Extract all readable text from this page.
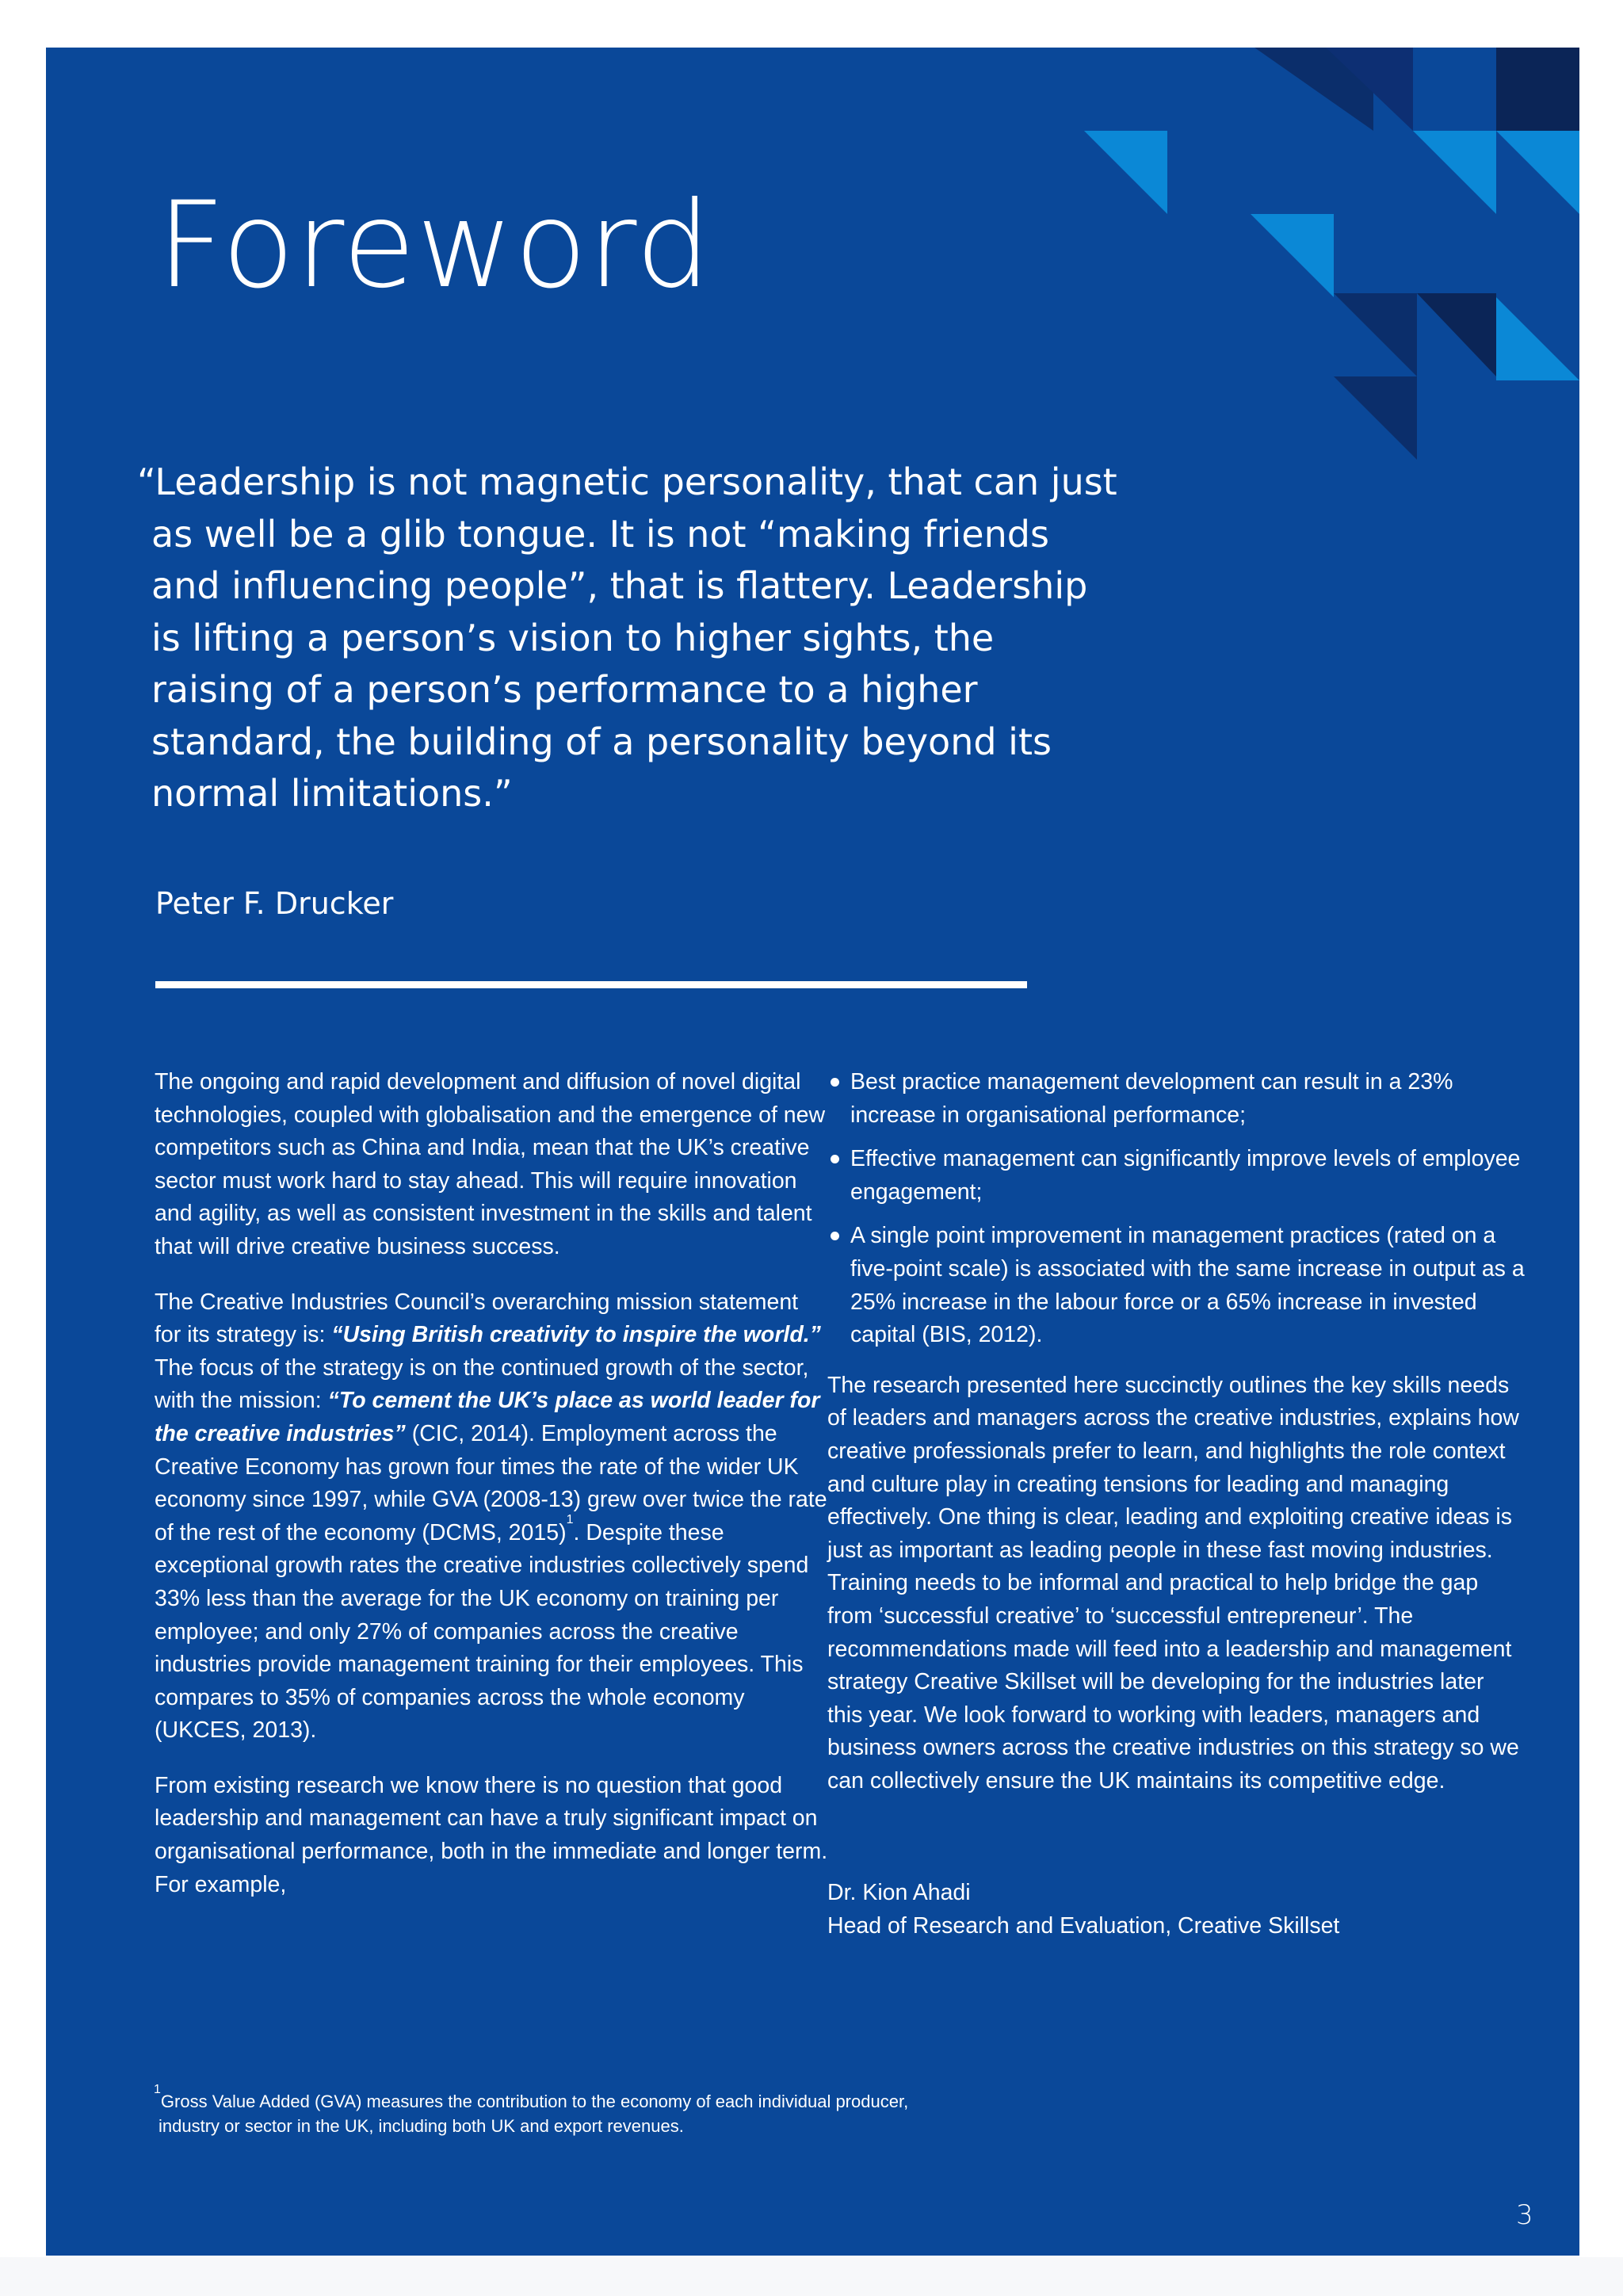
Foreword

“Leadership is not magnetic personality, that can just as well be a glib tongue. It is not “making friends and influencing people”, that is flattery. Leadership is lifting a person’s vision to higher sights, the raising of a person’s performance to a higher standard, the building of a personality beyond its normal limitations.”

Peter F. Drucker

The ongoing and rapid development and diffusion of novel digital technologies, coupled with globalisation and the emergence of new competitors such as China and India, mean that the UK’s creative sector must work hard to stay ahead. This will require innovation and agility, as well as consistent investment in the skills and talent that will drive creative business success.

The Creative Industries Council’s overarching mission statement for its strategy is: “Using British creativity to inspire the world.” The focus of the strategy is on the continued growth of the sector, with the mission: “To cement the UK’s place as world leader for the creative industries” (CIC, 2014). Employment across the Creative Economy has grown four times the rate of the wider UK economy since 1997, while GVA (2008-13) grew over twice the rate of the rest of the economy (DCMS, 2015)$^1$. Despite these exceptional growth rates the creative industries collectively spend 33% less than the average for the UK economy on training per employee; and only 27% of companies across the creative industries provide management training for their employees. This compares to 35% of companies across the whole economy (UKCES, 2013).

From existing research we know there is no question that good leadership and management can have a truly significant impact on organisational performance, both in the immediate and longer term. For example,

Best practice management development can result in a 23% increase in organisational performance;
Effective management can significantly improve levels of employee engagement;
A single point improvement in management practices (rated on a five-point scale) is associated with the same increase in output as a 25% increase in the labour force or a 65% increase in invested capital (BIS, 2012).

The research presented here succinctly outlines the key skills needs of leaders and managers across the creative industries, explains how creative professionals prefer to learn, and highlights the role context and culture play in creating tensions for leading and managing effectively. One thing is clear, leading and exploiting creative ideas is just as important as leading people in these fast moving industries. Training needs to be informal and practical to help bridge the gap from ‘successful creative’ to ‘successful entrepreneur’. The recommendations made will feed into a leadership and management strategy Creative Skillset will be developing for the industries later this year. We look forward to working with leaders, managers and business owners across the creative industries on this strategy so we can collectively ensure the UK maintains its competitive edge.

Dr. Kion Ahadi
Head of Research and Evaluation, Creative Skillset

$^1$Gross Value Added (GVA) measures the contribution to the economy of each individual producer,
industry or sector in the UK, including both UK and export revenues.

3
